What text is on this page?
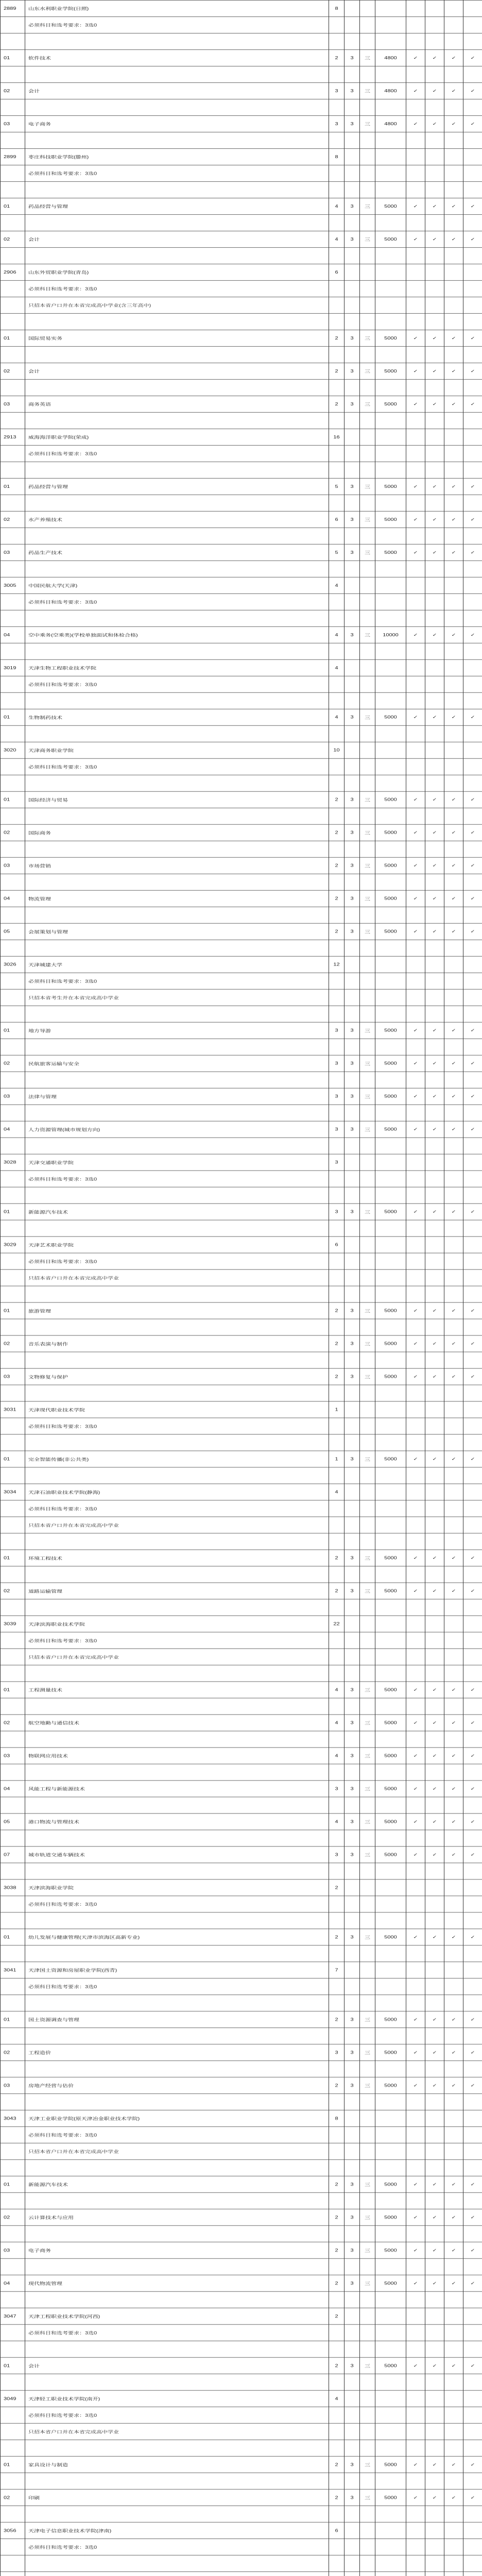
2889	山东水利职业学院(日照)	8							
	必须科目和选考要求：3选0								

01	软件技术	2	3	三	4800	✓	✓	✓	✓

02	会计	3	3	三	4800	✓	✓	✓	✓

03	电子商务	3	3	三	4800	✓	✓	✓	✓

2899	枣庄科技职业学院(滕州)	8							
	必须科目和选考要求：3选0								

01	药品经营与管理	4	3	三	5000	✓	✓	✓	✓

02	会计	4	3	三	5000	✓	✓	✓	✓

2906	山东外贸职业学院(青岛)	6							
	必须科目和选考要求：3选0								
	只招本省户口并在本省完成高中学业(含三年高中)								

01	国际贸易实务	2	3	三	5000	✓	✓	✓	✓

02	会计	2	3	三	5000	✓	✓	✓	✓

03	商务英语	2	3	三	5000	✓	✓	✓	✓

2913	威海海洋职业学院(荣成)	16							
	必须科目和选考要求：3选0								

01	药品经营与管理	5	3	三	5000	✓	✓	✓	✓

02	水产养殖技术	6	3	三	5000	✓	✓	✓	✓

03	药品生产技术	5	3	三	5000	✓	✓	✓	✓

3005	中国民航大学(天津)	4							
	必须科目和选考要求：3选0								

04	空中乘务(空乘类)(学校单独面试和体检合格)	4	3	三	10000	✓	✓	✓	✓

3019	天津生物工程职业技术学院	4							
	必须科目和选考要求：3选0								

01	生物制药技术	4	3	三	5000	✓	✓	✓	✓

3020	天津商务职业学院	10							
	必须科目和选考要求：3选0								

01	国际经济与贸易	2	3	三	5000	✓	✓	✓	✓

02	国际商务	2	3	三	5000	✓	✓	✓	✓

03	市场营销	2	3	三	5000	✓	✓	✓	✓

04	物流管理	2	3	三	5000	✓	✓	✓	✓

05	会展策划与管理	2	3	三	5000	✓	✓	✓	✓

3026	天津城建大学	12							
	必须科目和选考要求：3选0								
	只招本省考生并在本省完成高中学业								

01	地方导游	3	3	三	5000	✓	✓	✓	✓

02	民航旅客运输与安全	3	3	三	5000	✓	✓	✓	✓

03	法律与管理	3	3	三	5000	✓	✓	✓	✓

04	人力资源管理(城市规划方向)	3	3	三	5000	✓	✓	✓	✓

3028	天津交通职业学院	3							
	必须科目和选考要求：3选0								

01	新能源汽车技术	3	3	三	5000	✓	✓	✓	✓

3029	天津艺术职业学院	6							
	必须科目和选考要求：3选0								
	只招本省户口并在本省完成高中学业								

01	旅游管理	2	3	三	5000	✓	✓	✓	✓

02	音乐表演与制作	2	3	三	5000	✓	✓	✓	✓

03	文物修复与保护	2	3	三	5000	✓	✓	✓	✓

3031	天津现代职业技术学院	1							
	必须科目和选考要求：3选0								

01	完全智能传播(非公共类)	1	3	三	5000	✓	✓	✓	✓

3034	天津石油职业技术学院(静海)	4							
	必须科目和选考要求：3选0								
	只招本省户口并在本省完成高中学业								

01	环境工程技术	2	3	三	5000	✓	✓	✓	✓

02	道路运输管理	2	3	三	5000	✓	✓	✓	✓

3039	天津滨海职业技术学院	22							
	必须科目和选考要求：3选0								
	只招本省户口并在本省完成高中学业								

01	工程测量技术	4	3	三	5000	✓	✓	✓	✓

02	航空地勤与通信技术	4	3	三	5000	✓	✓	✓	✓

03	物联网应用技术	4	3	三	5000	✓	✓	✓	✓

04	风能工程与新能源技术	3	3	三	5000	✓	✓	✓	✓

05	港口物流与管理技术	4	3	三	5000	✓	✓	✓	✓

07	城市轨道交通车辆技术	3	3	三	5000	✓	✓	✓	✓

3038	天津滨海职业学院	2							
	必须科目和选考要求：3选0								

01	幼儿发展与健康管理(天津市滨海区高新专业)	2	3	三	5000	✓	✓	✓	✓

3041	天津国土资源和房屋职业学院(西青)	7							
	必须科目和选考要求：3选0								

01	国土资源调查与管理	2	3	三	5000	✓	✓	✓	✓

02	工程造价	3	3	三	5000	✓	✓	✓	✓

03	房地产经营与估价	2	3	三	5000	✓	✓	✓	✓

3043	天津工业职业学院(原天津冶金职业技术学院)	8							
	必须科目和选考要求：3选0								
	只招本省户口并在本省完成高中学业								

01	新能源汽车技术	2	3	三	5000	✓	✓	✓	✓

02	云计算技术与应用	2	3	三	5000	✓	✓	✓	✓

03	电子商务	2	3	三	5000	✓	✓	✓	✓

04	现代物流管理	2	3	三	5000	✓	✓	✓	✓

3047	天津工程职业技术学院(河西)	2							
	必须科目和选考要求：3选0								

01	会计	2	3	三	5000	✓	✓	✓	✓

3049	天津轻工职业技术学院(南开)	4							
	必须科目和选考要求：3选0								
	只招本省户口并在本省完成高中学业								

01	家具设计与制造	2	3	三	5000	✓	✓	✓	✓

02	印刷	2	3	三	5000	✓	✓	✓	✓

3056	天津电子信息职业技术学院(津南)	6							
	必须科目和选考要求：3选0								
